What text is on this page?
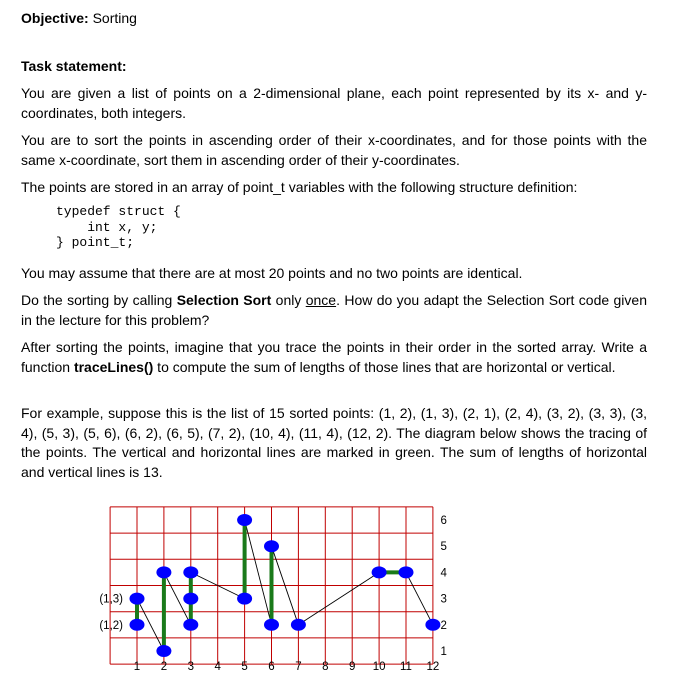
Objective: Sorting

Task statement:

You are given a list of points on a 2-dimensional plane, each point represented by its x- and y-coordinates, both integers.

You are to sort the points in ascending order of their x-coordinates, and for those points with the same x-coordinate, sort them in ascending order of their y-coordinates.

The points are stored in an array of point_t variables with the following structure definition:

typedef struct {
int x, y;
} point_t;

You may assume that there are at most 20 points and no two points are identical.

Do the sorting by calling Selection Sort only once. How do you adapt the Selection Sort code given in the lecture for this problem?

After sorting the points, imagine that you trace the points in their order in the sorted array. Write a function traceLines() to compute the sum of lengths of those lines that are horizontal or vertical.

For example, suppose this is the list of 15 sorted points: (1, 2), (1, 3), (2, 1), (2, 4), (3, 2), (3, 3), (3, 4), (5, 3), (5, 6), (6, 2), (6, 5), (7, 2), (10, 4), (11, 4), (12, 2). The diagram below shows the tracing of the points. The vertical and horizontal lines are marked in green. The sum of lengths of horizontal and vertical lines is 13.

1 2 3 4 5 6 7 8 9 10 11 12
1
2
3
4
5
6
(1,3)
(1,2)
